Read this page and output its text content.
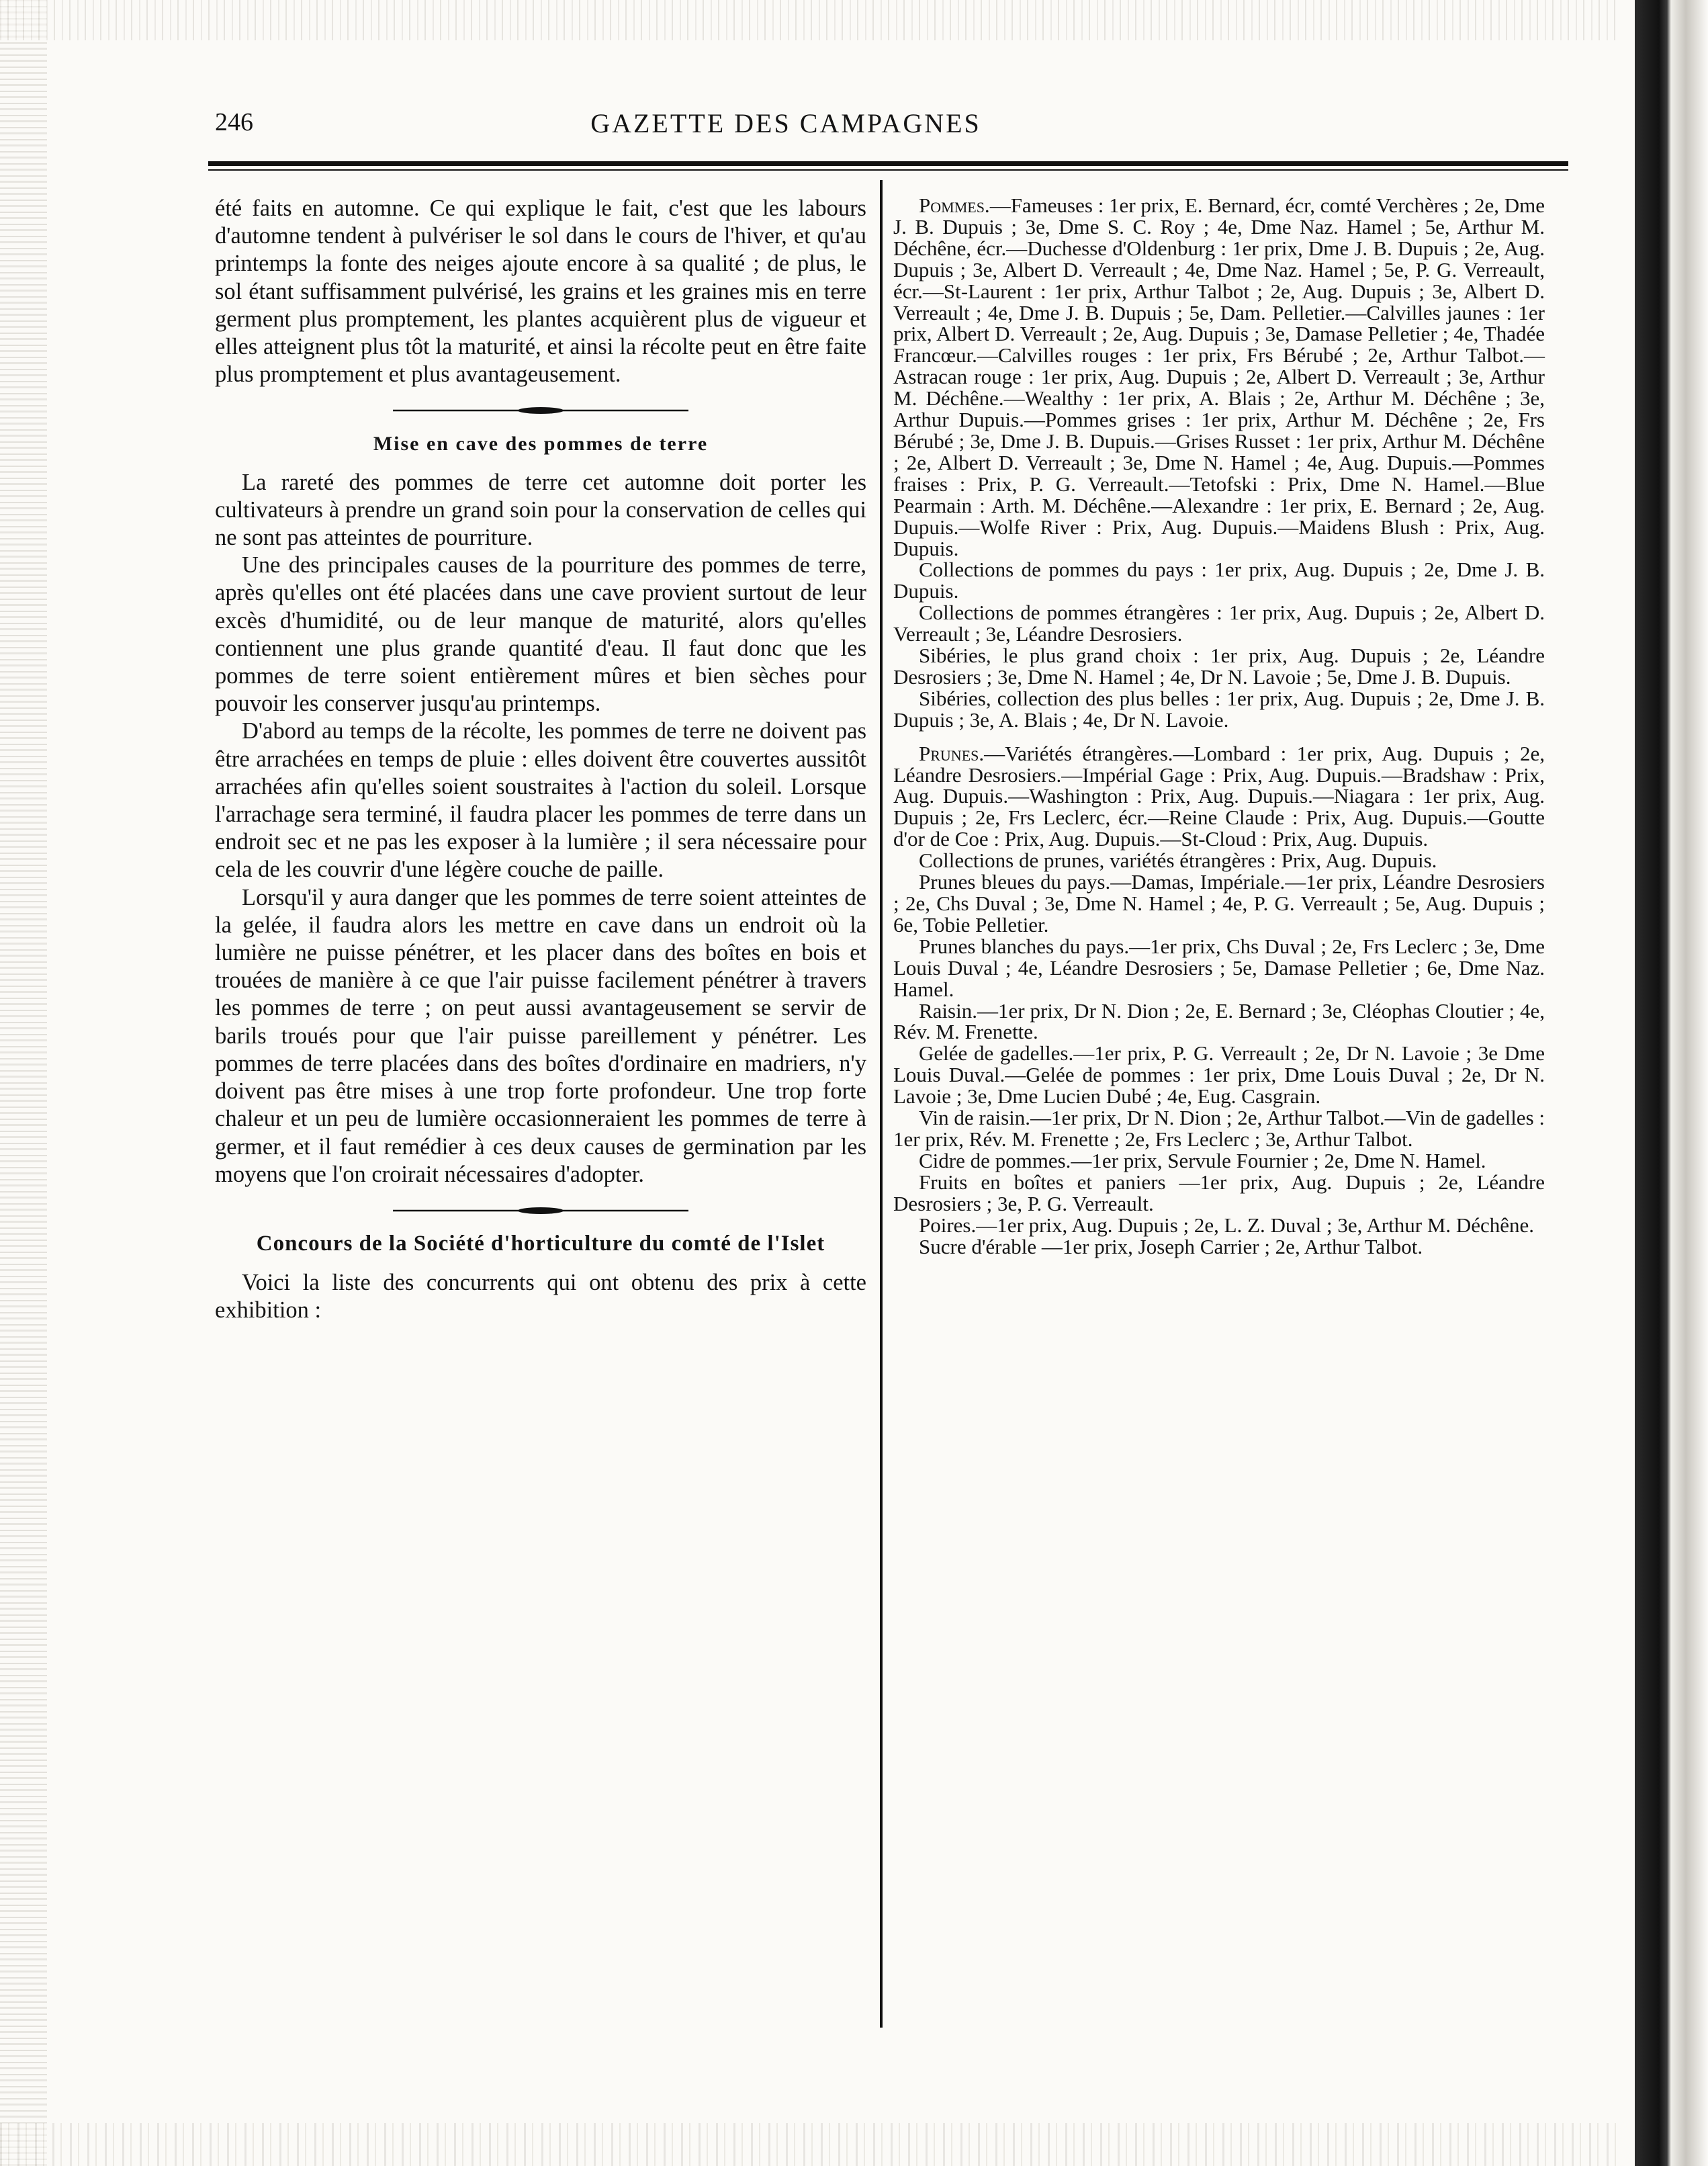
246	GAZETTE DES CAMPAGNES

été faits en automne. Ce qui explique le fait, c'est que les labours d'automne tendent à pulvériser le sol dans le cours de l'hiver, et qu'au printemps la fonte des neiges ajoute encore à sa qualité ; de plus, le sol étant suffisamment pulvérisé, les grains et les graines mis en terre germent plus promptement, les plantes acquièrent plus de vigueur et elles atteignent plus tôt la maturité, et ainsi la récolte peut en être faite plus promptement et plus avantageusement.

Mise en cave des pommes de terre

La rareté des pommes de terre cet automne doit porter les cultivateurs à prendre un grand soin pour la conservation de celles qui ne sont pas atteintes de pourriture.

Une des principales causes de la pourriture des pommes de terre, après qu'elles ont été placées dans une cave provient surtout de leur excès d'humidité, ou de leur manque de maturité, alors qu'elles contiennent une plus grande quantité d'eau. Il faut donc que les pommes de terre soient entièrement mûres et bien sèches pour pouvoir les conserver jusqu'au printemps.

D'abord au temps de la récolte, les pommes de terre ne doivent pas être arrachées en temps de pluie : elles doivent être couvertes aussitôt arrachées afin qu'elles soient soustraites à l'action du soleil. Lorsque l'arrachage sera terminé, il faudra placer les pommes de terre dans un endroit sec et ne pas les exposer à la lumière ; il sera nécessaire pour cela de les couvrir d'une légère couche de paille.

Lorsqu'il y aura danger que les pommes de terre soient atteintes de la gelée, il faudra alors les mettre en cave dans un endroit où la lumière ne puisse pénétrer, et les placer dans des boîtes en bois et trouées de manière à ce que l'air puisse facilement pénétrer à travers les pommes de terre ; on peut aussi avantageusement se servir de barils troués pour que l'air puisse pareillement y pénétrer. Les pommes de terre placées dans des boîtes d'ordinaire en madriers, n'y doivent pas être mises à une trop forte profondeur. Une trop forte chaleur et un peu de lumière occasionneraient les pommes de terre à germer, et il faut remédier à ces deux causes de germination par les moyens que l'on croirait nécessaires d'adopter.

Concours de la Société d'horticulture du comté de l'Islet

Voici la liste des concurrents qui ont obtenu des prix à cette exhibition :

Pommes.—Fameuses : 1er prix, E. Bernard, écr, comté Verchères ; 2e, Dme J. B. Dupuis ; 3e, Dme S. C. Roy ; 4e, Dme Naz. Hamel ; 5e, Arthur M. Déchêne, écr.—Duchesse d'Oldenburg : 1er prix, Dme J. B. Dupuis ; 2e, Aug. Dupuis ; 3e, Albert D. Verreault ; 4e, Dme Naz. Hamel ; 5e, P. G. Verreault, écr.—St-Laurent : 1er prix, Arthur Talbot ; 2e, Aug. Dupuis ; 3e, Albert D. Verreault ; 4e, Dme J. B. Dupuis ; 5e, Dam. Pelletier.—Calvilles jaunes : 1er prix, Albert D. Verreault ; 2e, Aug. Dupuis ; 3e, Damase Pelletier ; 4e, Thadée Francœur.—Calvilles rouges : 1er prix, Frs Bérubé ; 2e, Arthur Talbot.—Astracan rouge : 1er prix, Aug. Dupuis ; 2e, Albert D. Verreault ; 3e, Arthur M. Déchêne.—Wealthy : 1er prix, A. Blais ; 2e, Arthur M. Déchêne ; 3e, Arthur Dupuis.—Pommes grises : 1er prix, Arthur M. Déchêne ; 2e, Frs Bérubé ; 3e, Dme J. B. Dupuis.—Grises Russet : 1er prix, Arthur M. Déchêne ; 2e, Albert D. Verreault ; 3e, Dme N. Hamel ; 4e, Aug. Dupuis.—Pommes fraises : Prix, P. G. Verreault.—Tetofski : Prix, Dme N. Hamel.—Blue Pearmain : Arth. M. Déchêne.—Alexandre : 1er prix, E. Bernard ; 2e, Aug. Dupuis.—Wolfe River : Prix, Aug. Dupuis.—Maidens Blush : Prix, Aug. Dupuis.

Collections de pommes du pays : 1er prix, Aug. Dupuis ; 2e, Dme J. B. Dupuis.

Collections de pommes étrangères : 1er prix, Aug. Dupuis ; 2e, Albert D. Verreault ; 3e, Léandre Desrosiers.

Sibéries, le plus grand choix : 1er prix, Aug. Dupuis ; 2e, Léandre Desrosiers ; 3e, Dme N. Hamel ; 4e, Dr N. Lavoie ; 5e, Dme J. B. Dupuis.

Sibéries, collection des plus belles : 1er prix, Aug. Dupuis ; 2e, Dme J. B. Dupuis ; 3e, A. Blais ; 4e, Dr N. Lavoie.

Prunes.—Variétés étrangères.—Lombard : 1er prix, Aug. Dupuis ; 2e, Léandre Desrosiers.—Impérial Gage : Prix, Aug. Dupuis.—Bradshaw : Prix, Aug. Dupuis.—Washington : Prix, Aug. Dupuis.—Niagara : 1er prix, Aug. Dupuis ; 2e, Frs Leclerc, écr.—Reine Claude : Prix, Aug. Dupuis.—Goutte d'or de Coe : Prix, Aug. Dupuis.—St-Cloud : Prix, Aug. Dupuis.

Collections de prunes, variétés étrangères : Prix, Aug. Dupuis.

Prunes bleues du pays.—Damas, Impériale.—1er prix, Léandre Desrosiers ; 2e, Chs Duval ; 3e, Dme N. Hamel ; 4e, P. G. Verreault ; 5e, Aug. Dupuis ; 6e, Tobie Pelletier.

Prunes blanches du pays.—1er prix, Chs Duval ; 2e, Frs Leclerc ; 3e, Dme Louis Duval ; 4e, Léandre Desrosiers ; 5e, Damase Pelletier ; 6e, Dme Naz. Hamel.

Raisin.—1er prix, Dr N. Dion ; 2e, E. Bernard ; 3e, Cléophas Cloutier ; 4e, Rév. M. Frenette.

Gelée de gadelles.—1er prix, P. G. Verreault ; 2e, Dr N. Lavoie ; 3e Dme Louis Duval.—Gelée de pommes : 1er prix, Dme Louis Duval ; 2e, Dr N. Lavoie ; 3e, Dme Lucien Dubé ; 4e, Eug. Casgrain.

Vin de raisin.—1er prix, Dr N. Dion ; 2e, Arthur Talbot.—Vin de gadelles : 1er prix, Rév. M. Frenette ; 2e, Frs Leclerc ; 3e, Arthur Talbot.

Cidre de pommes.—1er prix, Servule Fournier ; 2e, Dme N. Hamel.

Fruits en boîtes et paniers —1er prix, Aug. Dupuis ; 2e, Léandre Desrosiers ; 3e, P. G. Verreault.

Poires.—1er prix, Aug. Dupuis ; 2e, L. Z. Duval ; 3e, Arthur M. Déchêne.

Sucre d'érable —1er prix, Joseph Carrier ; 2e, Arthur Talbot.
